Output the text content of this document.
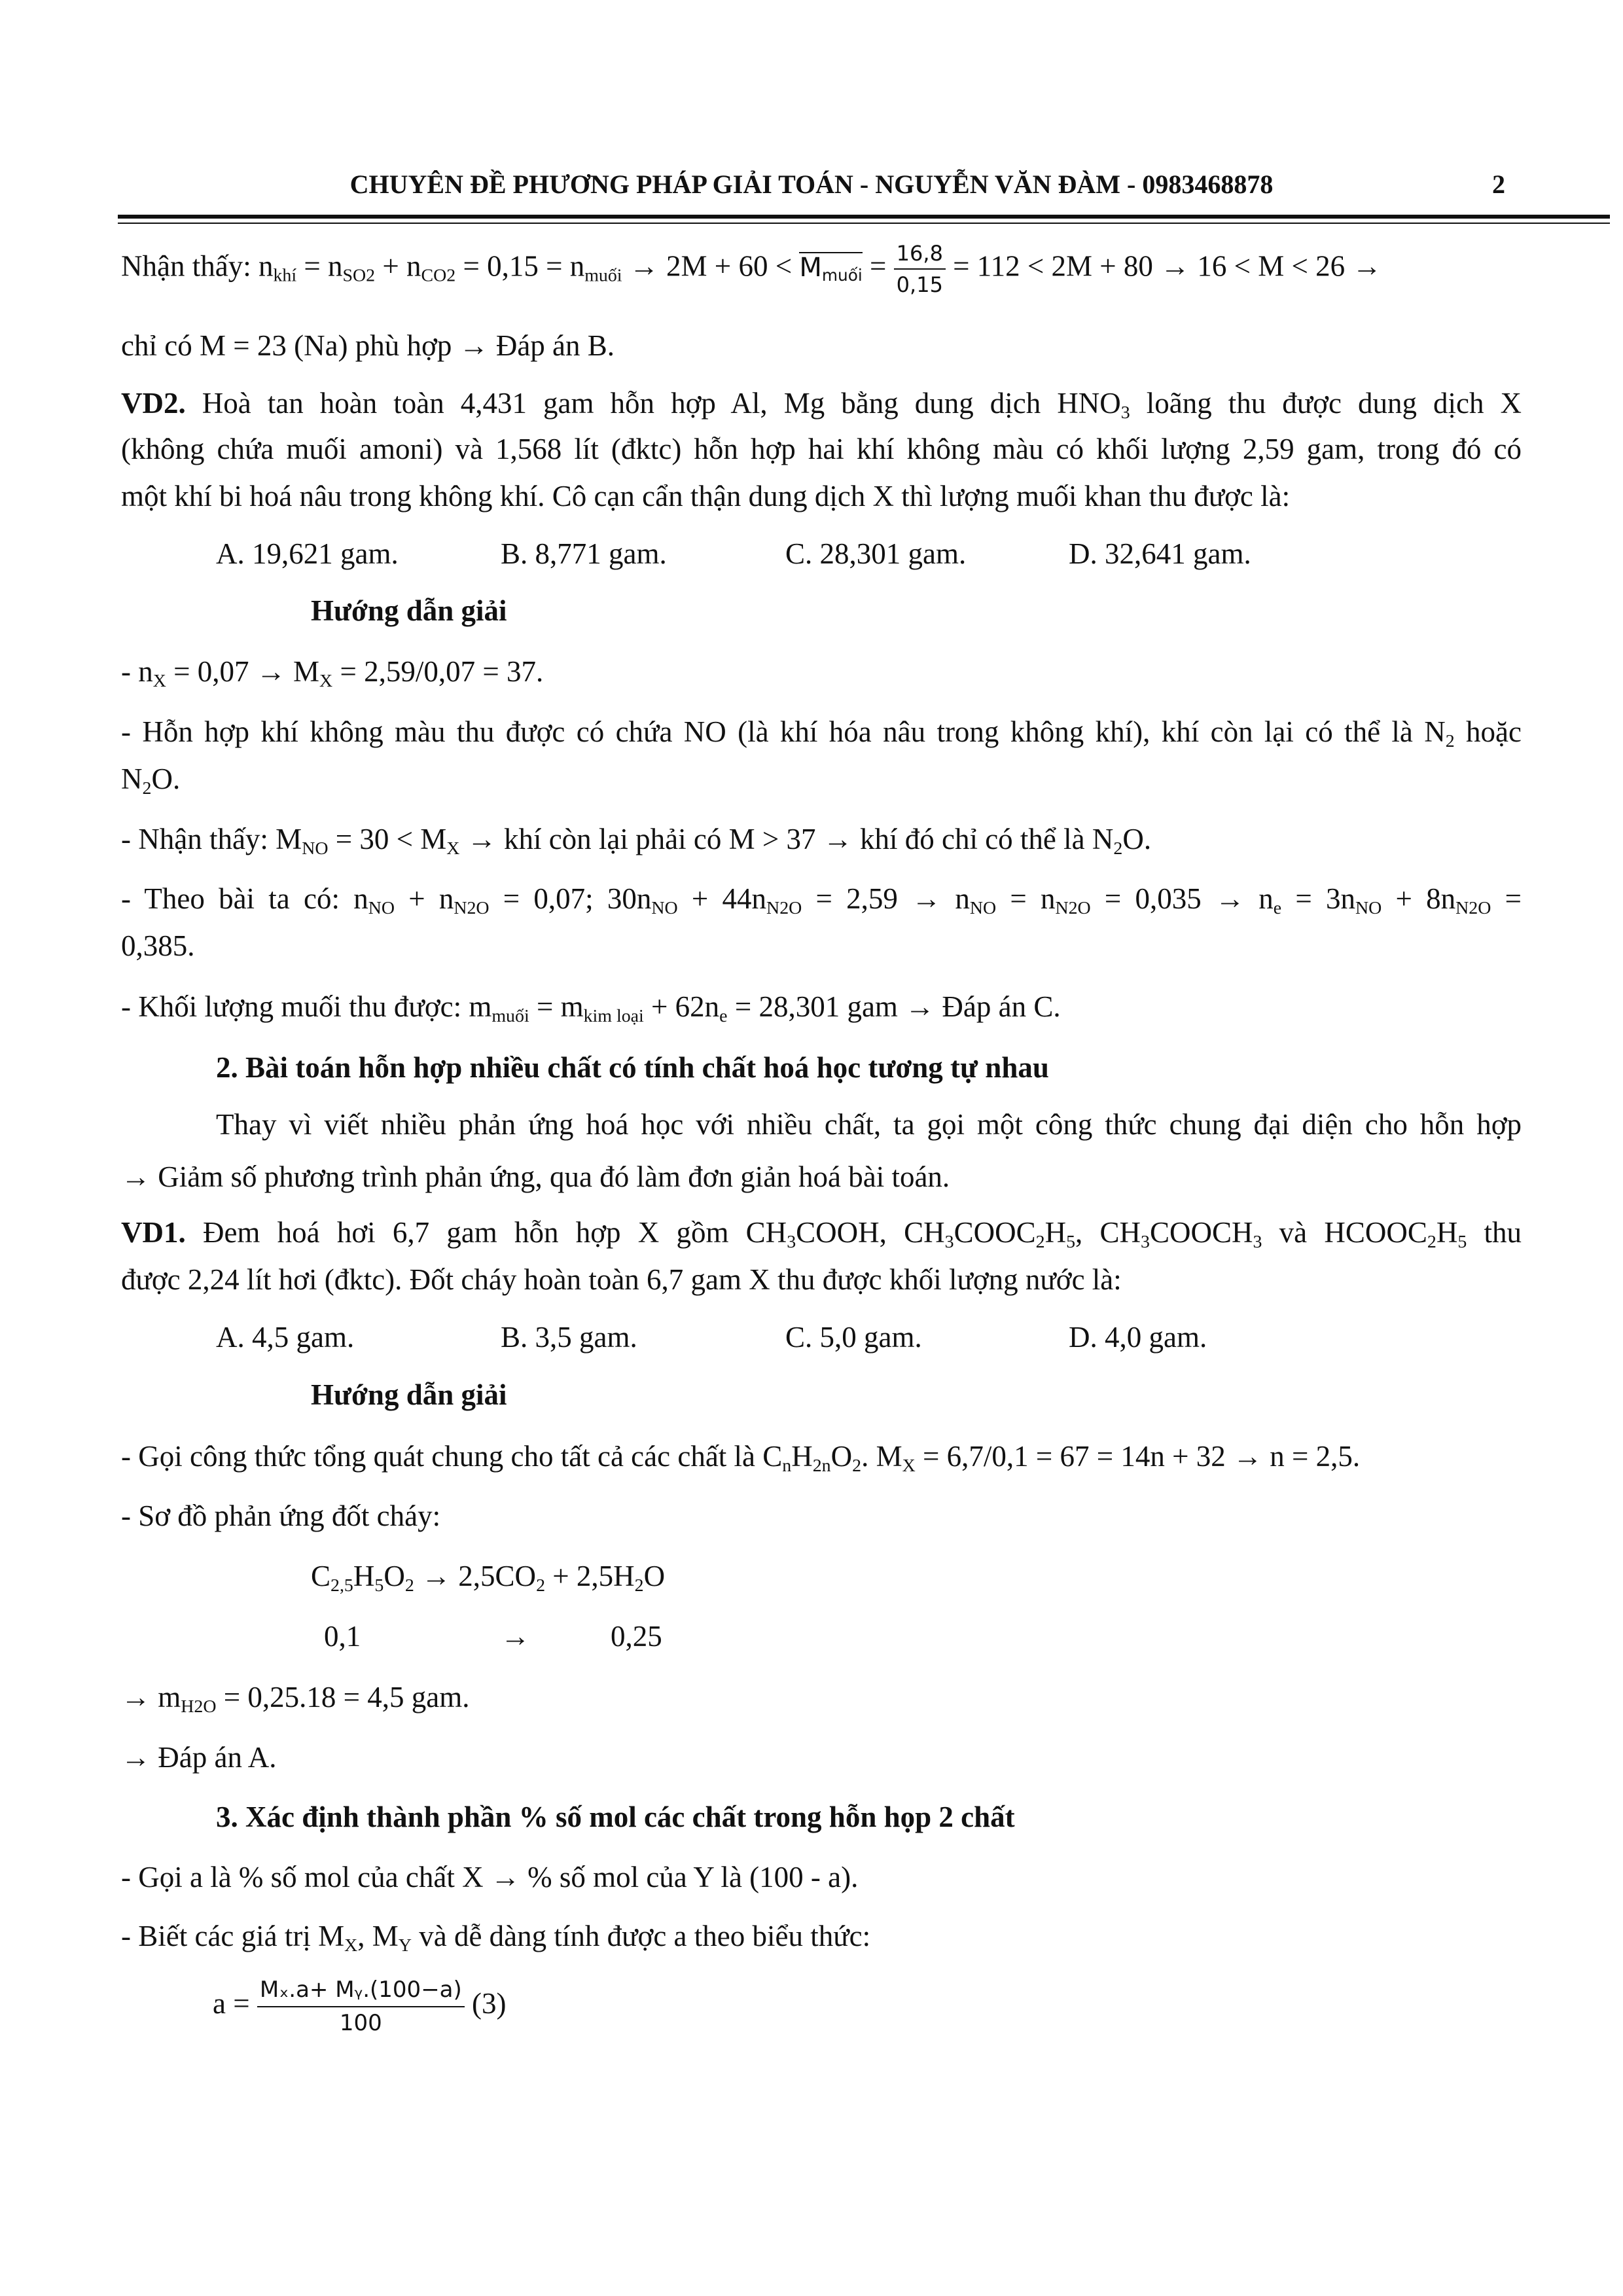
CHUYÊN ĐỀ PHƯƠNG PHÁP GIẢI TOÁN - NGUYỄN VĂN ĐÀM - 0983468878	2
Nhận thấy: $n_{khí} = n_{SO2} + n_{CO2} = 0,15 = n_{muối} \to 2M + 60 < M_{muối} = \frac{16,8}{0,15} = 112 < 2M + 80 \to 16 < M < 26$ →
chỉ có M = 23 (Na) phù hợp → Đáp án B.
VD2. Hoà tan hoàn toàn 4,431 gam hỗn hợp Al, Mg bằng dung dịch $HNO_3$ loãng thu được dung dịch X
(không chứa muối amoni) và 1,568 lít (đktc) hỗn hợp hai khí không màu có khối lượng 2,59 gam, trong đó có
một khí bi hoá nâu trong không khí. Cô cạn cẩn thận dung dịch X thì lượng muối khan thu được là:
A. 19,621 gam.	B. 8,771 gam.	C. 28,301 gam.	D. 32,641 gam.
Hướng dẫn giải
- $n_X = 0,07 \to M_X = 2,59/0,07 = 37$.
- Hỗn hợp khí không màu thu được có chứa NO (là khí hóa nâu trong không khí), khí còn lại có thể là $N_2$ hoặc
$N_2O$.
- Nhận thấy: $M_{NO} = 30 < M_X$ → khí còn lại phải có M > 37 → khí đó chỉ có thể là $N_2O$.
- Theo bài ta có: $n_{NO} + n_{N2O} = 0,07$; $30n_{NO} + 44n_{N2O} = 2,59 \to n_{NO} = n_{N2O} = 0,035 \to n_e = 3n_{NO} + 8n_{N2O}$ =
0,385.
- Khối lượng muối thu được: $m_{muối} = m_{kim loại} + 62n_e = 28,301$ gam → Đáp án C.
2. Bài toán hỗn hợp nhiều chất có tính chất hoá học tương tự nhau
Thay vì viết nhiều phản ứng hoá học với nhiều chất, ta gọi một công thức chung đại diện cho hỗn hợp
→ Giảm số phương trình phản ứng, qua đó làm đơn giản hoá bài toán.
VD1. Đem hoá hơi 6,7 gam hỗn hợp X gồm $CH_3COOH$, $CH_3COOC_2H_5$, $CH_3COOCH_3$ và $HCOOC_2H_5$ thu
được 2,24 lít hơi (đktc). Đốt cháy hoàn toàn 6,7 gam X thu được khối lượng nước là:
A. 4,5 gam.	B. 3,5 gam.	C. 5,0 gam.	D. 4,0 gam.
Hướng dẫn giải
- Gọi công thức tổng quát chung cho tất cả các chất là $C_nH_{2n}O_2$. $M_X = 6,7/0,1 = 67 = 14n + 32 \to n = 2,5$.
- Sơ đồ phản ứng đốt cháy:
$C_{2,5}H_5O_2 \to 2,5CO_2 + 2,5H_2O$
0,1	→	0,25
→ $m_{H2O} = 0,25.18 = 4,5$ gam.
→ Đáp án A.
3. Xác định thành phần % số mol các chất trong hỗn họp 2 chất
- Gọi a là % số mol của chất X → % số mol của Y là (100 - a).
- Biết các giá trị $M_X$, $M_Y$ và dễ dàng tính được a theo biểu thức:
$a = \frac{\text{Mₓ.a+ Mᵧ.(100−a)}}{100} (3)$
